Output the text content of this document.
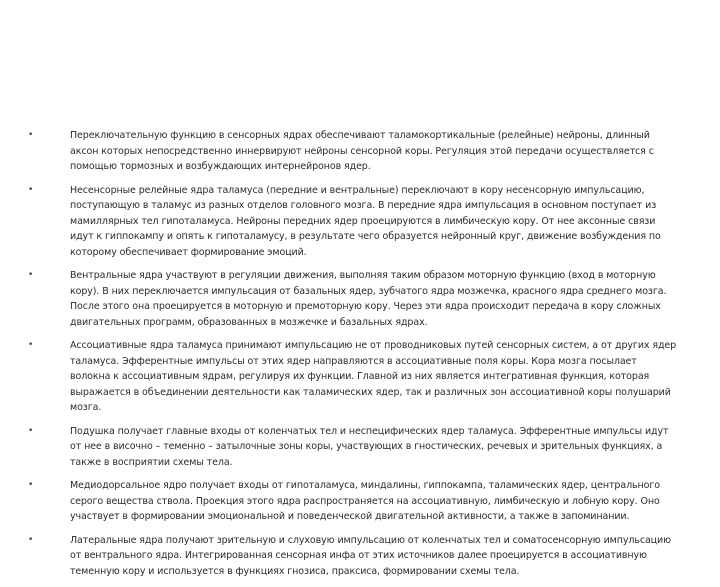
•	Переключательную функцию в сенсорных ядрах обеспечивают таламокортикальные (релейные) нейроны, длинный аксон которых непосредственно иннервируют нейроны сенсорной коры. Регуляция этой передачи осуществляется с помощью тормозных и возбуждающих интернейронов ядер.
•	Несенсорные релейные ядра таламуса (передние и вентральные) переключают в кору несенсорную импульсацию, поступающую в таламус из разных отделов головного мозга. В передние ядра импульсация в основном поступает из мамиллярных тел гипоталамуса. Нейроны передних ядер проецируются в лимбическую кору. От нее аксонные связи идут к гиппокампу и опять к гипоталамусу, в результате чего образуется нейронный круг, движение возбуждения по которому обеспечивает формирование эмоций.
•	Вентральные ядра участвуют в регуляции движения, выполняя таким образом моторную функцию (вход в моторную кору). В них переключается импульсация от базальных ядер, зубчатого ядра мозжечка, красного ядра среднего мозга. После этого она проецируется в моторную и премоторную кору. Через эти ядра происходит передача в кору сложных двигательных программ, образованных в мозжечке и базальных ядрах.
•	Ассоциативные ядра таламуса принимают импульсацию не от проводниковых путей сенсорных систем, а от других ядер таламуса. Эфферентные импульсы от этих ядер направляются в ассоциативные поля коры. Кора мозга посылает волокна к ассоциативным ядрам, регулируя их функции. Главной из них является интегративная функция, которая выражается в объединении деятельности как таламических ядер, так и различных зон ассоциативной коры полушарий мозга.
•	Подушка получает главные входы от коленчатых тел и неспецифических ядер таламуса. Эфферентные импульсы идут от нее в височно – теменно – затылочные зоны коры, участвующих в гностических, речевых и зрительных функциях, а также в восприятии схемы тела.
•	Медиодорсальное ядро получает входы от гипоталамуса, миндалины, гиппокампа, таламических ядер, центрального серого вещества ствола. Проекция этого ядра распространяется на ассоциативную, лимбическую и лобную кору. Оно участвует в формировании эмоциональной и поведенческой двигательной активности, а также в запоминании.
•	Латеральные ядра получают зрительную и слуховую импульсацию от коленчатых тел и соматосенсорную импульсацию от вентрального ядра. Интегрированная сенсорная инфа от этих источников далее проецируется в ассоциативную теменную кору и используется в функциях гнозиса, праксиса, формировании схемы тела.
